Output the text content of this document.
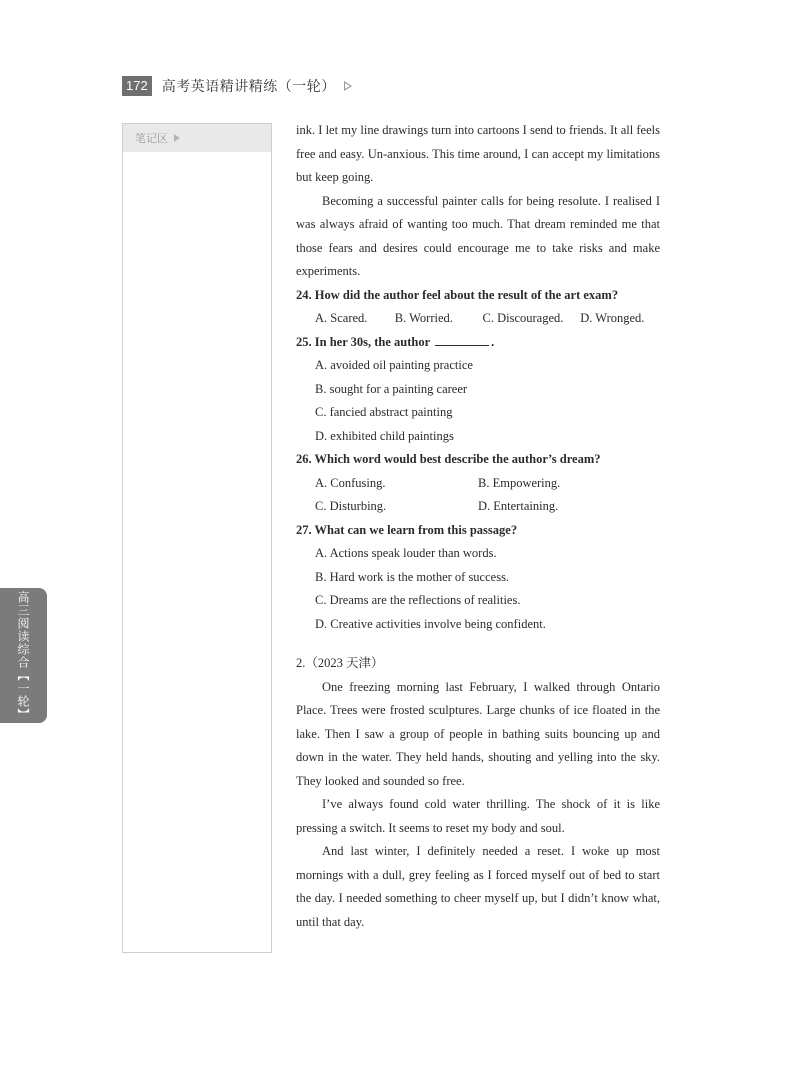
172 高考英语精讲精练（一轮）
笔记区
高三阅读综合【一轮】

ink. I let my line drawings turn into cartoons I send to friends. It all feels free and easy. Un-anxious. This time around, I can accept my limitations but keep going.

Becoming a successful painter calls for being resolute. I realised I was always afraid of wanting too much. That dream reminded me that those fears and desires could encourage me to take risks and make experiments.

24. How did the author feel about the result of the art exam?

A. Scared.	B. Worried.	C. Discouraged.	D. Wronged.

25. In her 30s, the author	.

A. avoided oil painting practice
B. sought for a painting career
C. fancied abstract painting
D. exhibited child paintings

26. Which word would best describe the author’s dream?

A. Confusing.	B. Empowering.
C. Disturbing.	D. Entertaining.

27. What can we learn from this passage?

A. Actions speak louder than words.
B. Hard work is the mother of success.
C. Dreams are the reflections of realities.
D. Creative activities involve being confident.

2.（2023 天津）

One freezing morning last February, I walked through Ontario Place. Trees were frosted sculptures. Large chunks of ice floated in the lake. Then I saw a group of people in bathing suits bouncing up and down in the water. They held hands, shouting and yelling into the sky. They looked and sounded so free.

I’ve always found cold water thrilling. The shock of it is like pressing a switch. It seems to reset my body and soul.

And last winter, I definitely needed a reset. I woke up most mornings with a dull, grey feeling as I forced myself out of bed to start the day. I needed something to cheer myself up, but I didn’t know what, until that day.
